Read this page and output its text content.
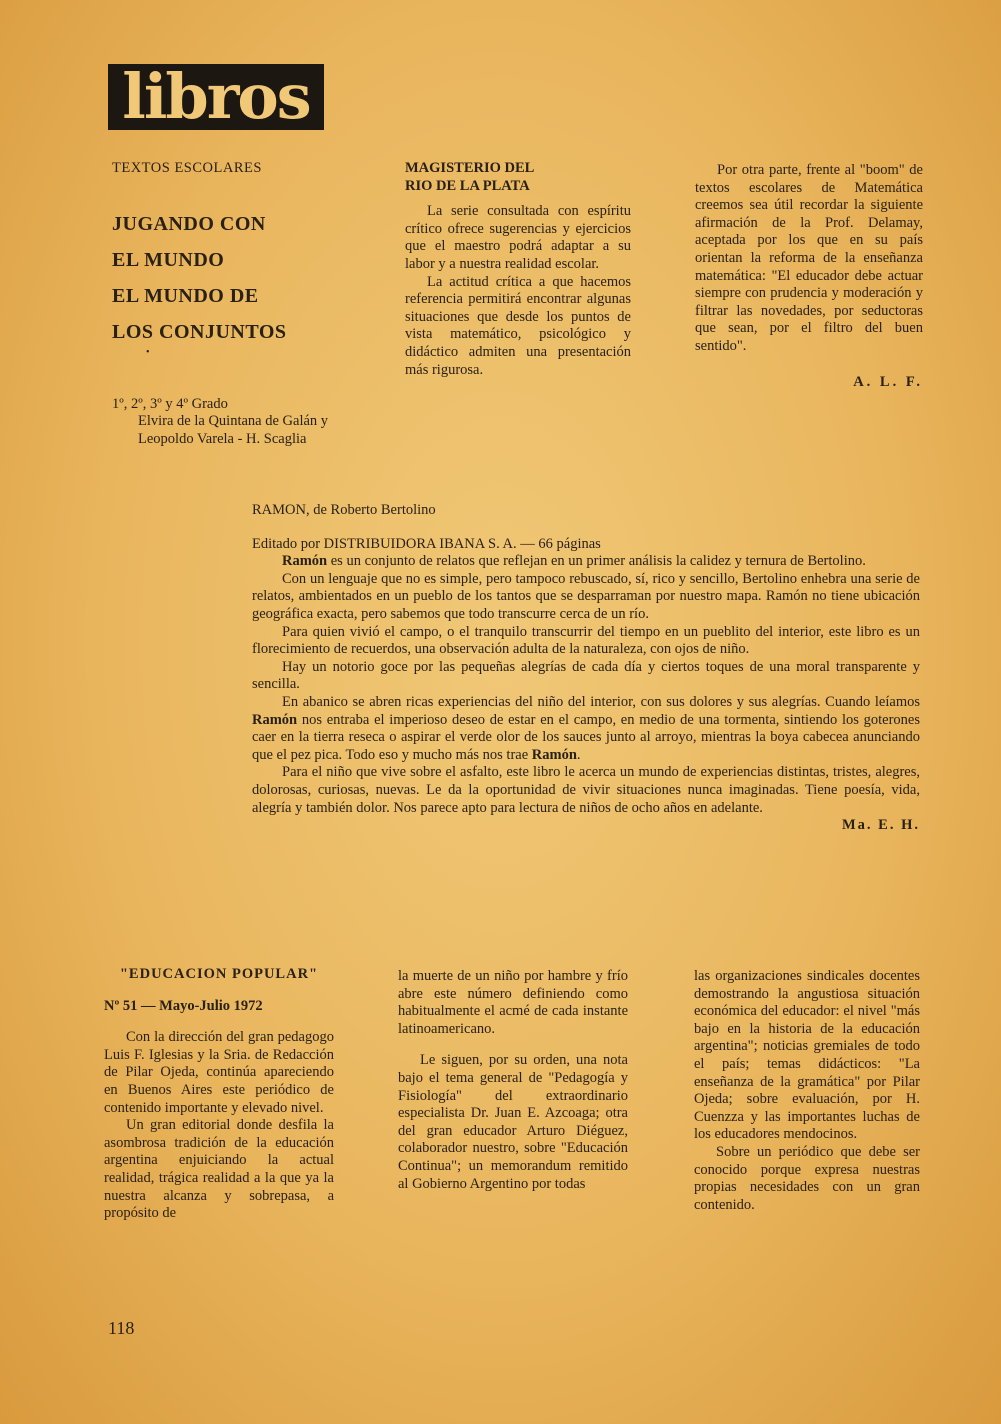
libros
TEXTOS ESCOLARES

JUGANDO CON

EL MUNDO

EL MUNDO DE

LOS CONJUNTOS

1º, 2º, 3º y 4º Grado
Elvira de la Quintana de Galán y Leopoldo Varela - H. Scaglia
•
MAGISTERIO DEL
RIO DE LA PLATA

La serie consultada con espíritu crítico ofrece sugerencias y ejercicios que el maestro podrá adaptar a su labor y a nuestra realidad escolar.

La actitud crítica a que hacemos referencia permitirá encontrar algunas situaciones que desde los puntos de vista matemático, psicológico y didáctico admiten una presentación más rigurosa.

Por otra parte, frente al "boom" de textos escolares de Matemática creemos sea útil recordar la siguiente afirmación de la Prof. Delamay, aceptada por los que en su país orientan la reforma de la enseñanza matemática: "El educador debe actuar siempre con prudencia y moderación y filtrar las novedades, por seductoras que sean, por el filtro del buen sentido".

A. L. F.
RAMON, de Roberto Bertolino
Editado por DISTRIBUIDORA IBANA S. A. — 66 páginas

Ramón es un conjunto de relatos que reflejan en un primer análisis la calidez y ternura de Bertolino.

Con un lenguaje que no es simple, pero tampoco rebuscado, sí, rico y sencillo, Bertolino enhebra una serie de relatos, ambientados en un pueblo de los tantos que se desparraman por nuestro mapa. Ramón no tiene ubicación geográfica exacta, pero sabemos que todo transcurre cerca de un río.

Para quien vivió el campo, o el tranquilo transcurrir del tiempo en un pueblito del interior, este libro es un florecimiento de recuerdos, una observación adulta de la naturaleza, con ojos de niño.

Hay un notorio goce por las pequeñas alegrías de cada día y ciertos toques de una moral transparente y sencilla.

En abanico se abren ricas experiencias del niño del interior, con sus dolores y sus alegrías. Cuando leíamos Ramón nos entraba el imperioso deseo de estar en el campo, en medio de una tormenta, sintiendo los goterones caer en la tierra reseca o aspirar el verde olor de los sauces junto al arroyo, mientras la boya cabecea anunciando que el pez pica. Todo eso y mucho más nos trae Ramón.

Para el niño que vive sobre el asfalto, este libro le acerca un mundo de experiencias distintas, tristes, alegres, dolorosas, curiosas, nuevas. Le da la oportunidad de vivir situaciones nunca imaginadas. Tiene poesía, vida, alegría y también dolor. Nos parece apto para lectura de niños de ocho años en adelante.

Ma. E. H.
"EDUCACION POPULAR"
Nº 51 — Mayo-Julio 1972

Con la dirección del gran pedagogo Luis F. Iglesias y la Sria. de Redacción de Pilar Ojeda, continúa apareciendo en Buenos Aires este periódico de contenido importante y elevado nivel.

Un gran editorial donde desfila la asombrosa tradición de la educación argentina enjuiciando la actual realidad, trágica realidad a la que ya la nuestra alcanza y sobrepasa, a propósito de

la muerte de un niño por hambre y frío abre este número definiendo como habitualmente el acmé de cada instante latinoamericano.

Le siguen, por su orden, una nota bajo el tema general de "Pedagogía y Fisiología" del extraordinario especialista Dr. Juan E. Azcoaga; otra del gran educador Arturo Diéguez, colaborador nuestro, sobre "Educación Continua"; un memorandum remitido al Gobierno Argentino por todas

las organizaciones sindicales docentes demostrando la angustiosa situación económica del educador: el nivel "más bajo en la historia de la educación argentina"; noticias gremiales de todo el país; temas didácticos: "La enseñanza de la gramática" por Pilar Ojeda; sobre evaluación, por H. Cuenzza y las importantes luchas de los educadores mendocinos.

Sobre un periódico que debe ser conocido porque expresa nuestras propias necesidades con un gran contenido.

118
